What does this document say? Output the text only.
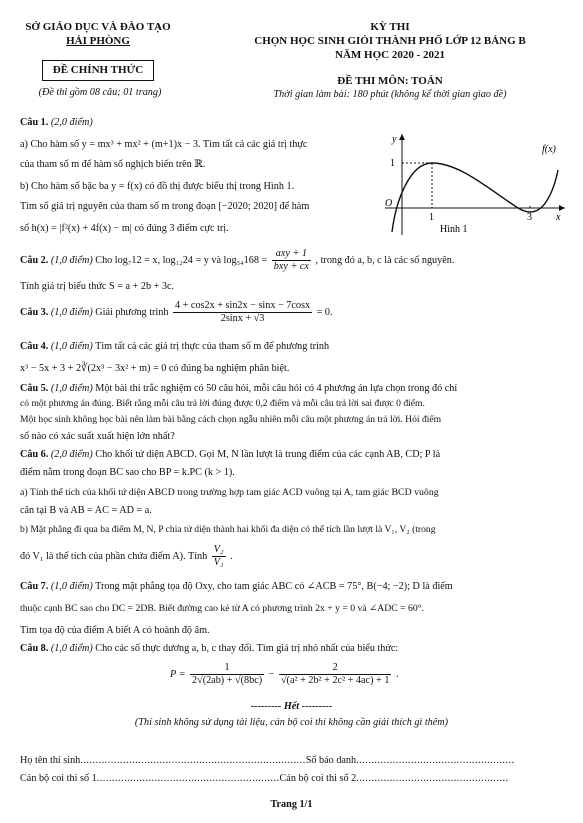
SỞ GIÁO DỤC VÀ ĐÀO TẠO
HẢI PHÒNG
ĐỀ CHÍNH THỨC
(Đề thi gồm 08 câu; 01 trang)
KỲ THI
CHỌN HỌC SINH GIỎI THÀNH PHỐ LỚP 12 BẢNG B
NĂM HỌC 2020 - 2021
ĐỀ THI MÔN: TOÁN
Thời gian làm bài: 180 phút (không kể thời gian giao đề)
Câu 1. (2,0 điểm)
a) Cho hàm số y = mx³ + mx² + (m+1)x − 3. Tìm tất cả các giá trị thực
của tham số m để hàm số nghịch biến trên ℝ.
b) Cho hàm số bậc ba y = f(x) có đồ thị được biểu thị trong Hình 1.
Tìm số giá trị nguyên của tham số m trong đoạn [−2020; 2020] để hàm
số h(x) = |f²(x) + 4f(x) − m| có đúng 3 điểm cực trị.
O
1
1	3 x
y
f(x)
Hình 1
Câu 2. (1,0 điểm) Cho log₇12 = x, log₁₂24 = y và $\log_{54}168 = \frac{\text{axy + 1}}{\text{bxy + cx}}$ , trong đó a, b, c là các số nguyên.
Tính giá trị biểu thức S = a + 2b + 3c.
Câu 3. (1,0 điểm) Giải phương trình $\frac{4 + \cos 2x + \sin 2x - \sin x - 7\cos x}{2\sin x + √3} = 0$.
Câu 4. (1,0 điểm) Tìm tất cả các giá trị thực của tham số m để phương trình
x³ − 5x + 3 + 2∛(2x³ − 3x² + m) = 0 có đúng ba nghiệm phân biệt.
Câu 5. (1,0 điểm) Một bài thi trắc nghiệm có 50 câu hỏi, mỗi câu hỏi có 4 phương án lựa chọn trong đó chỉ
có một phương án đúng. Biết rằng mỗi câu trả lời đúng được 0,2 điểm và mỗi câu trả lời sai được 0 điểm.
Một học sinh không học bài nên làm bài bằng cách chọn ngẫu nhiên mỗi câu một phương án trả lời. Hỏi điểm
số nào có xác suất xuất hiện lớn nhất?
Câu 6. (2,0 điểm) Cho khối tứ diện ABCD. Gọi M, N lần lượt là trung điểm của các cạnh AB, CD; P là
điểm nằm trong đoạn BC sao cho BP = k.PC (k > 1).
a) Tính thể tích của khối tứ diện ABCD trong trường hợp tam giác ACD vuông tại A, tam giác BCD vuông
cân tại B và AB = AC = AD = a.
b) Mặt phẳng đi qua ba điểm M, N, P chia tứ diện thành hai khối đa diện có thể tích lần lượt là V₁, V₂ (trong
đó V₁ là thể tích của phần chứa điểm A). Tính $\frac{\text{V₂}}{\text{V₁}}$ .
Câu 7. (1,0 điểm) Trong mặt phẳng tọa độ Oxy, cho tam giác ABC có ∠ACB = 75°, B(−4; −2); D là điểm
thuộc cạnh BC sao cho DC = 2DB. Biết đường cao kẻ từ A có phương trình 2x + y = 0 và ∠ADC = 60°.
Tìm tọa độ của điểm A biết A có hoành độ âm.
Câu 8. (1,0 điểm) Cho các số thực dương a, b, c thay đổi. Tìm giá trị nhỏ nhất của biểu thức:
$P = \frac{1}{2√(2ab) + √(8bc)} - \frac{2}{\text{√(a² + 2b² + 2c² + 4ac) + 1}}$ .
--------- Hết ---------
(Thí sinh không sử dụng tài liệu, cán bộ coi thi không cần giải thích gì thêm)
Họ tên thí sinh..........................................................................Số báo danh....................................................
Cán bộ coi thi số 1............................................................Cán bộ coi thi số 2..................................................
Trang 1/1
